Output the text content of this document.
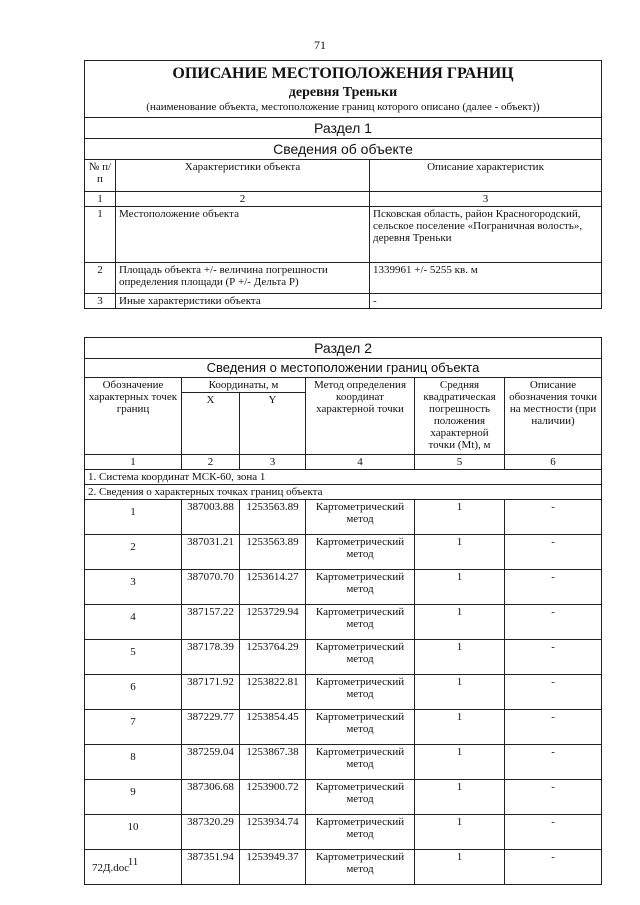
71
ОПИСАНИЕ МЕСТОПОЛОЖЕНИЯ ГРАНИЦ
деревня Треньки
(наименование объекта, местоположение границ которого описано (далее - объект))		

Раздел 1		
Сведения об объекте		
№ п/п	Характеристики объекта	Описание характеристик
1	2	3
1	Местоположение объекта	Псковская область, район Красногородский, сельское поселение «Пограничная волость», деревня Треньки
2	Площадь объекта +/- величина погрешности определения площади (Р +/- Дельта Р)	1339961 +/- 5255 кв. м
3	Иные характеристики объекта	-
Раздел 2					
Сведения о местоположении границ объекта					
Обозначение характерных точек границ	Координаты, м		Метод определения координат характерной точки	Средняя квадратическая погрешность положения характерной точки (Mt), м	Описание обозначения точки на местности (при наличии)
	X	Y			
1	2	3	4	5	6
1. Система координат МСК-60, зона 1					
2. Сведения о характерных точках границ объекта					
1	387003.88	1253563.89	Картометрический метод	1	-
2	387031.21	1253563.89	Картометрический метод	1	-
3	387070.70	1253614.27	Картометрический метод	1	-
4	387157.22	1253729.94	Картометрический метод	1	-
5	387178.39	1253764.29	Картометрический метод	1	-
6	387171.92	1253822.81	Картометрический метод	1	-
7	387229.77	1253854.45	Картометрический метод	1	-
8	387259.04	1253867.38	Картометрический метод	1	-
9	387306.68	1253900.72	Картометрический метод	1	-
10	387320.29	1253934.74	Картометрический метод	1	-
11	387351.94	1253949.37	Картометрический метод	1	-
72Д.doc
